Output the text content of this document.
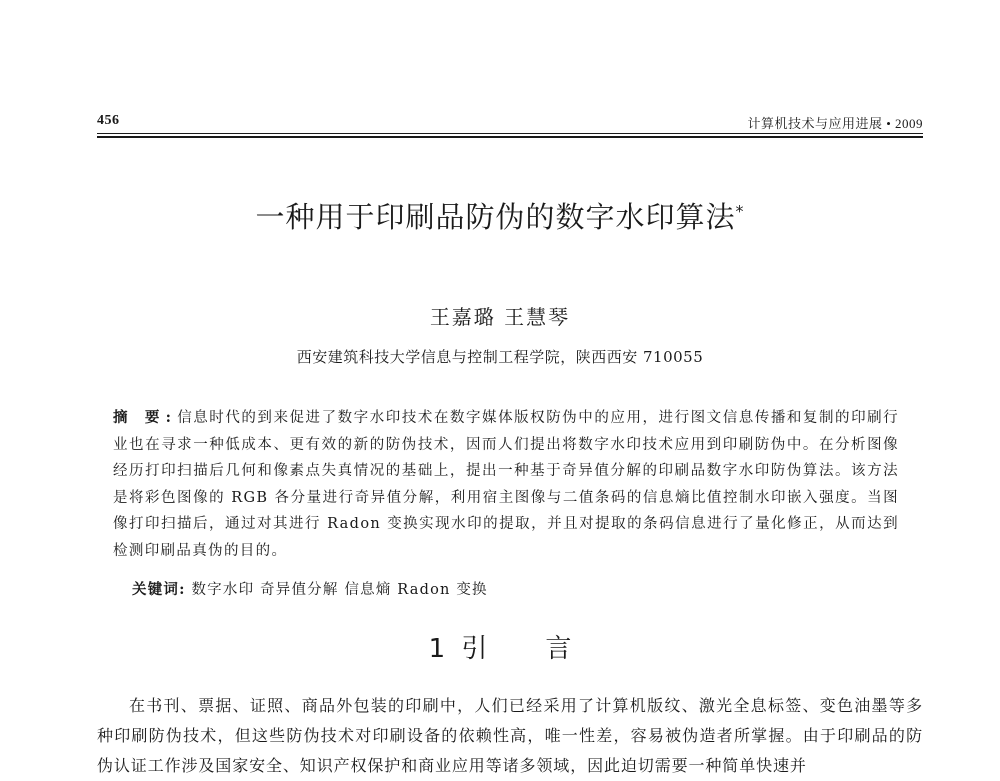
456	计算机技术与应用进展 • 2009
一种用于印刷品防伪的数字水印算法*
王嘉璐 王慧琴
西安建筑科技大学信息与控制工程学院，陕西西安 710055
摘 要:信息时代的到来促进了数字水印技术在数字媒体版权防伪中的应用，进行图文信息传播和复制的印刷行业也在寻求一种低成本、更有效的新的防伪技术，因而人们提出将数字水印技术应用到印刷防伪中。在分析图像经历打印扫描后几何和像素点失真情况的基础上，提出一种基于奇异值分解的印刷品数字水印防伪算法。该方法是将彩色图像的 RGB 各分量进行奇异值分解，利用宿主图像与二值条码的信息熵比值控制水印嵌入强度。当图像打印扫描后，通过对其进行 Radon 变换实现水印的提取，并且对提取的条码信息进行了量化修正，从而达到检测印刷品真伪的目的。
关键词: 数字水印 奇异值分解 信息熵 Radon 变换
1 引言
在书刊、票据、证照、商品外包装的印刷中，人们已经采用了计算机版纹、激光全息标签、变色油墨等多种印刷防伪技术，但这些防伪技术对印刷设备的依赖性高，唯一性差，容易被伪造者所掌握。由于印刷品的防伪认证工作涉及国家安全、知识产权保护和商业应用等诸多领域，因此迫切需要一种简单快速并
